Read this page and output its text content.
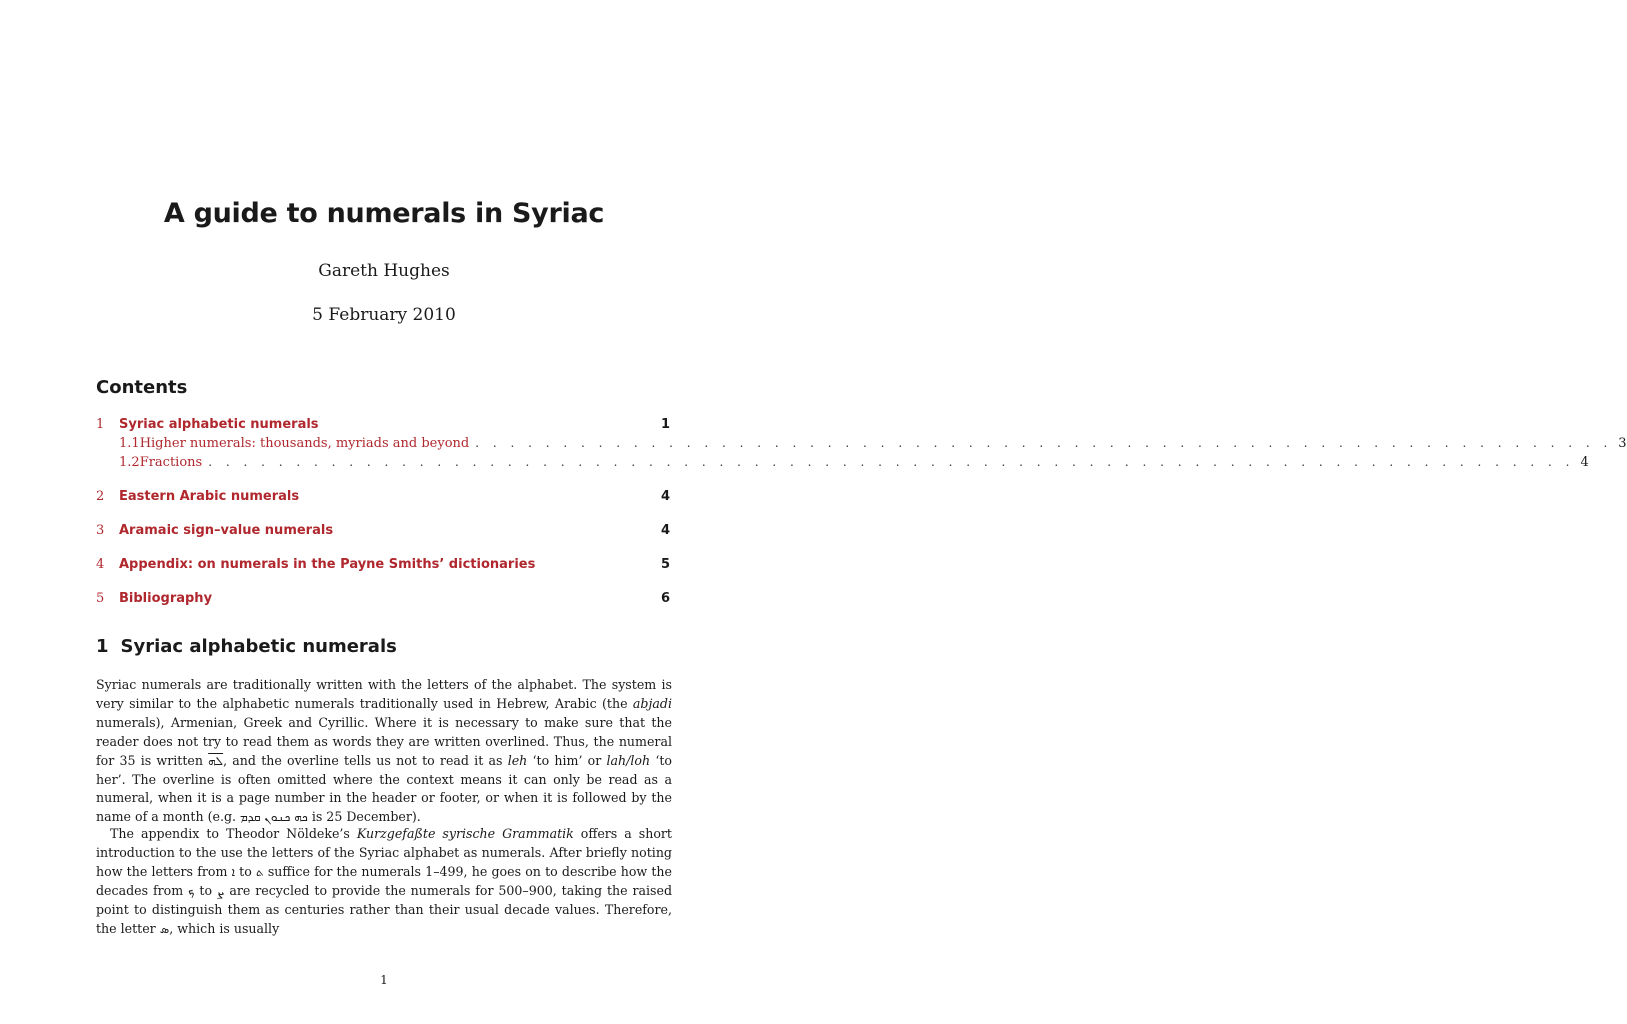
A guide to numerals in Syriac
Gareth Hughes
5 February 2010
Contents
1	Syriac alphabetic numerals	1
1.1 Higher numerals: thousands, myriads and beyond . . . . . . . . . . . . . . . . . . . . . . . . . . . . . . . . . . . . . . . . . . . . . . . . . . . . . . . . . . . . . . . . . 3
1.2 Fractions . . . . . . . . . . . . . . . . . . . . . . . . . . . . . . . . . . . . . . . . . . . . . . . . . . . . . . . . . . . . . . . . . . . . . . . . . . . . . . 4
2	Eastern Arabic numerals	4
3	Aramaic sign–value numerals	4
4	Appendix: on numerals in the Payne Smiths’ dictionaries	5
5	Bibliography	6
1 Syriac alphabetic numerals
Syriac numerals are traditionally written with the letters of the alphabet. The system is very similar to the alphabetic numerals traditionally used in Hebrew, Arabic (the abjadi numerals), Armenian, Greek and Cyrillic. Where it is necessary to make sure that the reader does not try to read them as words they are written overlined. Thus, the numeral for 35 is written ܠܗ, and the overline tells us not to read it as leh ‘to him’ or lah/loh ‘to her’. The overline is often omitted where the context means it can only be read as a numeral, when it is a page number in the header or footer, or when it is followed by the name of a month (e.g. ܟܗ ܟܢܘܢ ܩܕܡ is 25 December).
The appendix to Theodor Nöldeke’s Kurzgefaßte syrische Grammatik offers a short introduction to the use the letters of the Syriac alphabet as numerals. After briefly noting how the letters from ܐ to ܬ suffice for the numerals 1–499, he goes on to describe how the decades from ܟ to ܨ are recycled to provide the numerals for 500–900, taking the raised point to distinguish them as centuries rather than their usual decade values. Therefore, the letter ܣ, which is usually
1
